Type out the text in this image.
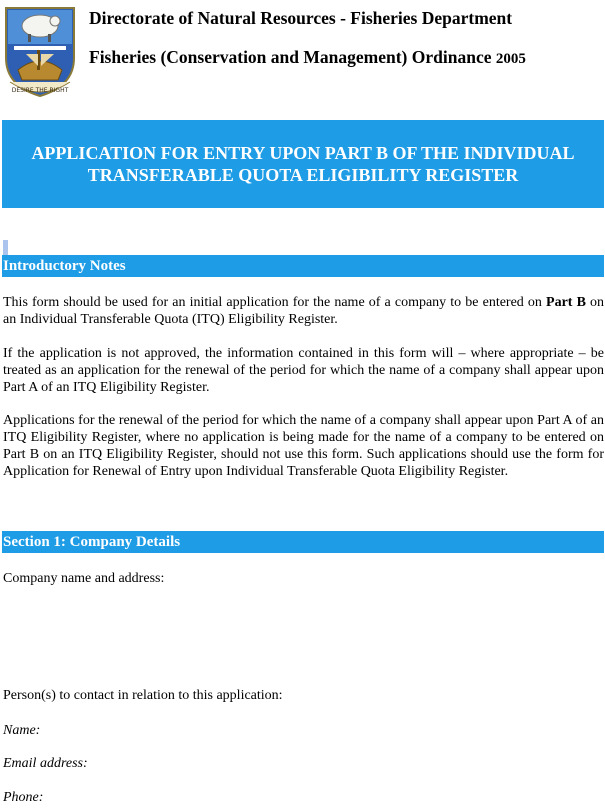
DESIRE THE RIGHT
Directorate of Natural Resources - Fisheries Department
Fisheries (Conservation and Management) Ordinance 2005
APPLICATION FOR ENTRY UPON PART B OF THE INDIVIDUAL TRANSFERABLE QUOTA ELIGIBILITY REGISTER
Introductory Notes

This form should be used for an initial application for the name of a company to be entered on Part B on an Individual Transferable Quota (ITQ) Eligibility Register.

If the application is not approved, the information contained in this form will – where appropriate – be treated as an application for the renewal of the period for which the name of a company shall appear upon Part A of an ITQ Eligibility Register.

Applications for the renewal of the period for which the name of a company shall appear upon Part A of an ITQ Eligibility Register, where no application is being made for the name of a company to be entered on Part B on an ITQ Eligibility Register, should not use this form. Such applications should use the form for Application for Renewal of Entry upon Individual Transferable Quota Eligibility Register.

Section 1: Company Details
Company name and address:
Person(s) to contact in relation to this application:
Name:
Email address:
Phone:
